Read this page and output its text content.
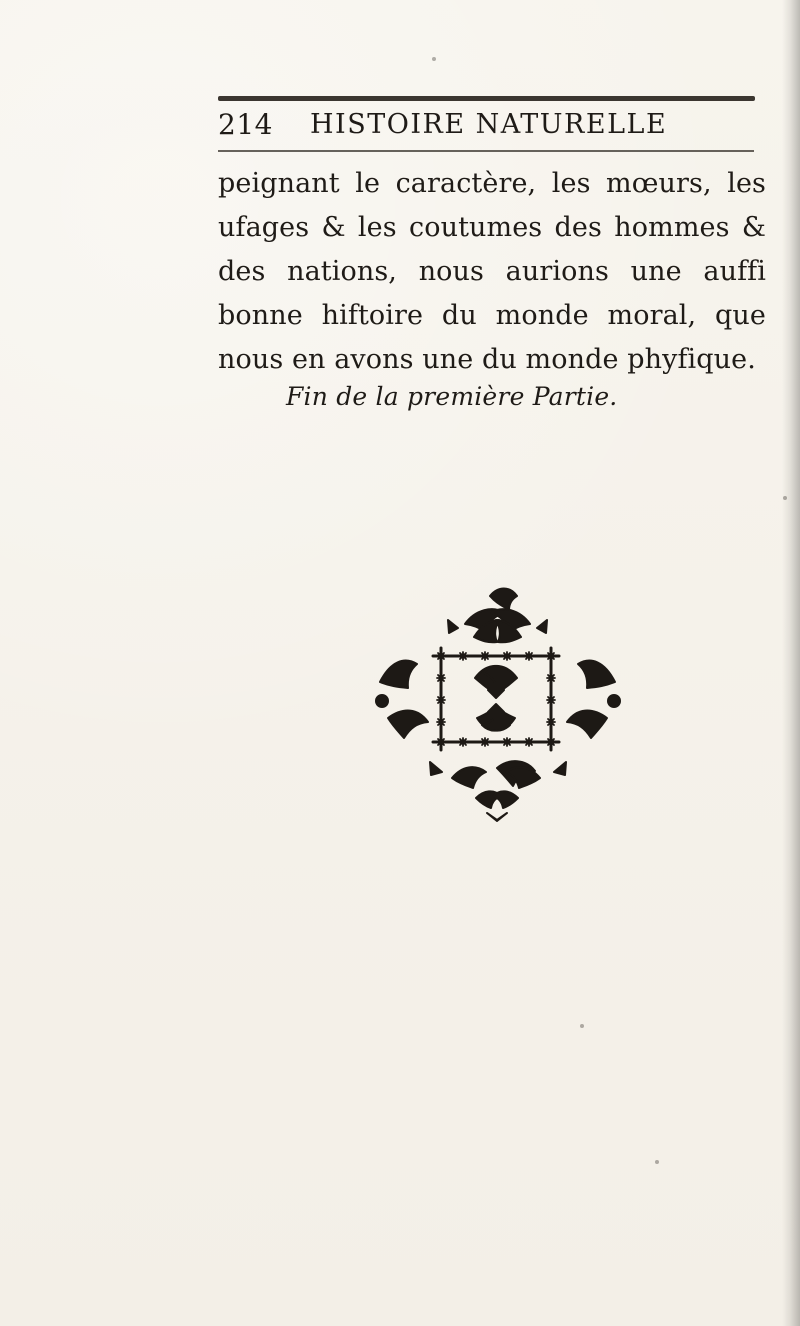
214 HISTOIRE NATURELLE

peignant le caractère, les mœurs, les ufages & les coutumes des hommes & des nations, nous aurions une auffi bonne hiftoire du monde moral, que nous en avons une du monde phyfique.

Fin de la première Partie.
